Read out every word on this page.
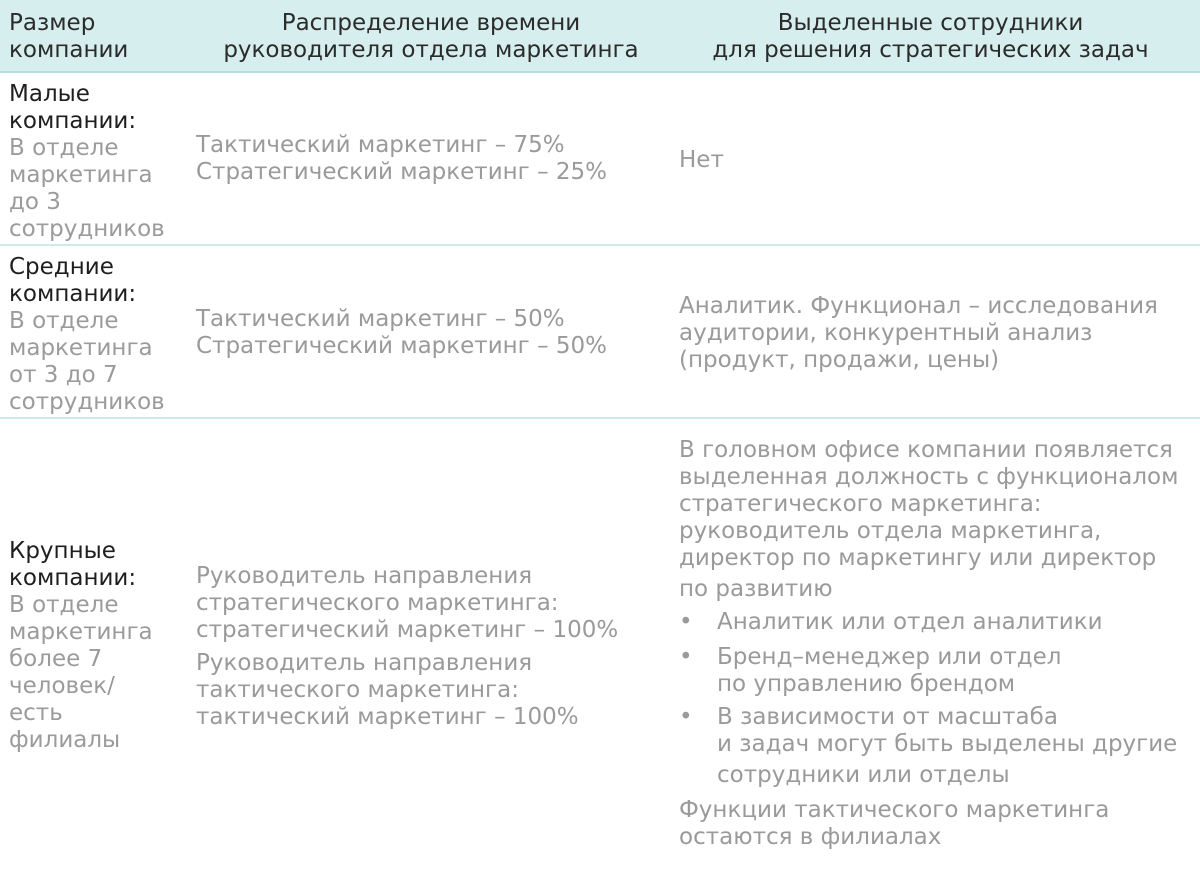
Размер
компании
Распределение времени
руководителя отдела маркетинга
Выделенные сотрудники
для решения стратегических задач
Малые
компании:
В отделе
маркетинга
до 3
сотрудников
Тактический маркетинг – 75%
Стратегический маркетинг – 25%	Нет
Средние
компании:
В отделе
маркетинга
от 3 до 7
сотрудников
Тактический маркетинг – 50%
Стратегический маркетинг – 50%
Аналитик. Функционал – исследования
аудитории, конкурентный анализ
(продукт, продажи, цены)
Крупные
компании:
В отделе
маркетинга
более 7
человек/
есть
филиалы
Руководитель направления
стратегического маркетинга:
стратегический маркетинг – 100%
Руководитель направления
тактического маркетинга:
тактический маркетинг – 100%
В головном офисе компании появляется
выделенная должность с функционалом
стратегического маркетинга:
руководитель отдела маркетинга,
директор по маркетингу или директор
по развитию
• Аналитик или отдел аналитики
• Бренд–менеджер или отдел
по управлению брендом
• В зависимости от масштаба
и задач могут быть выделены другие
сотрудники или отделы
Функции тактического маркетинга
остаются в филиалах
